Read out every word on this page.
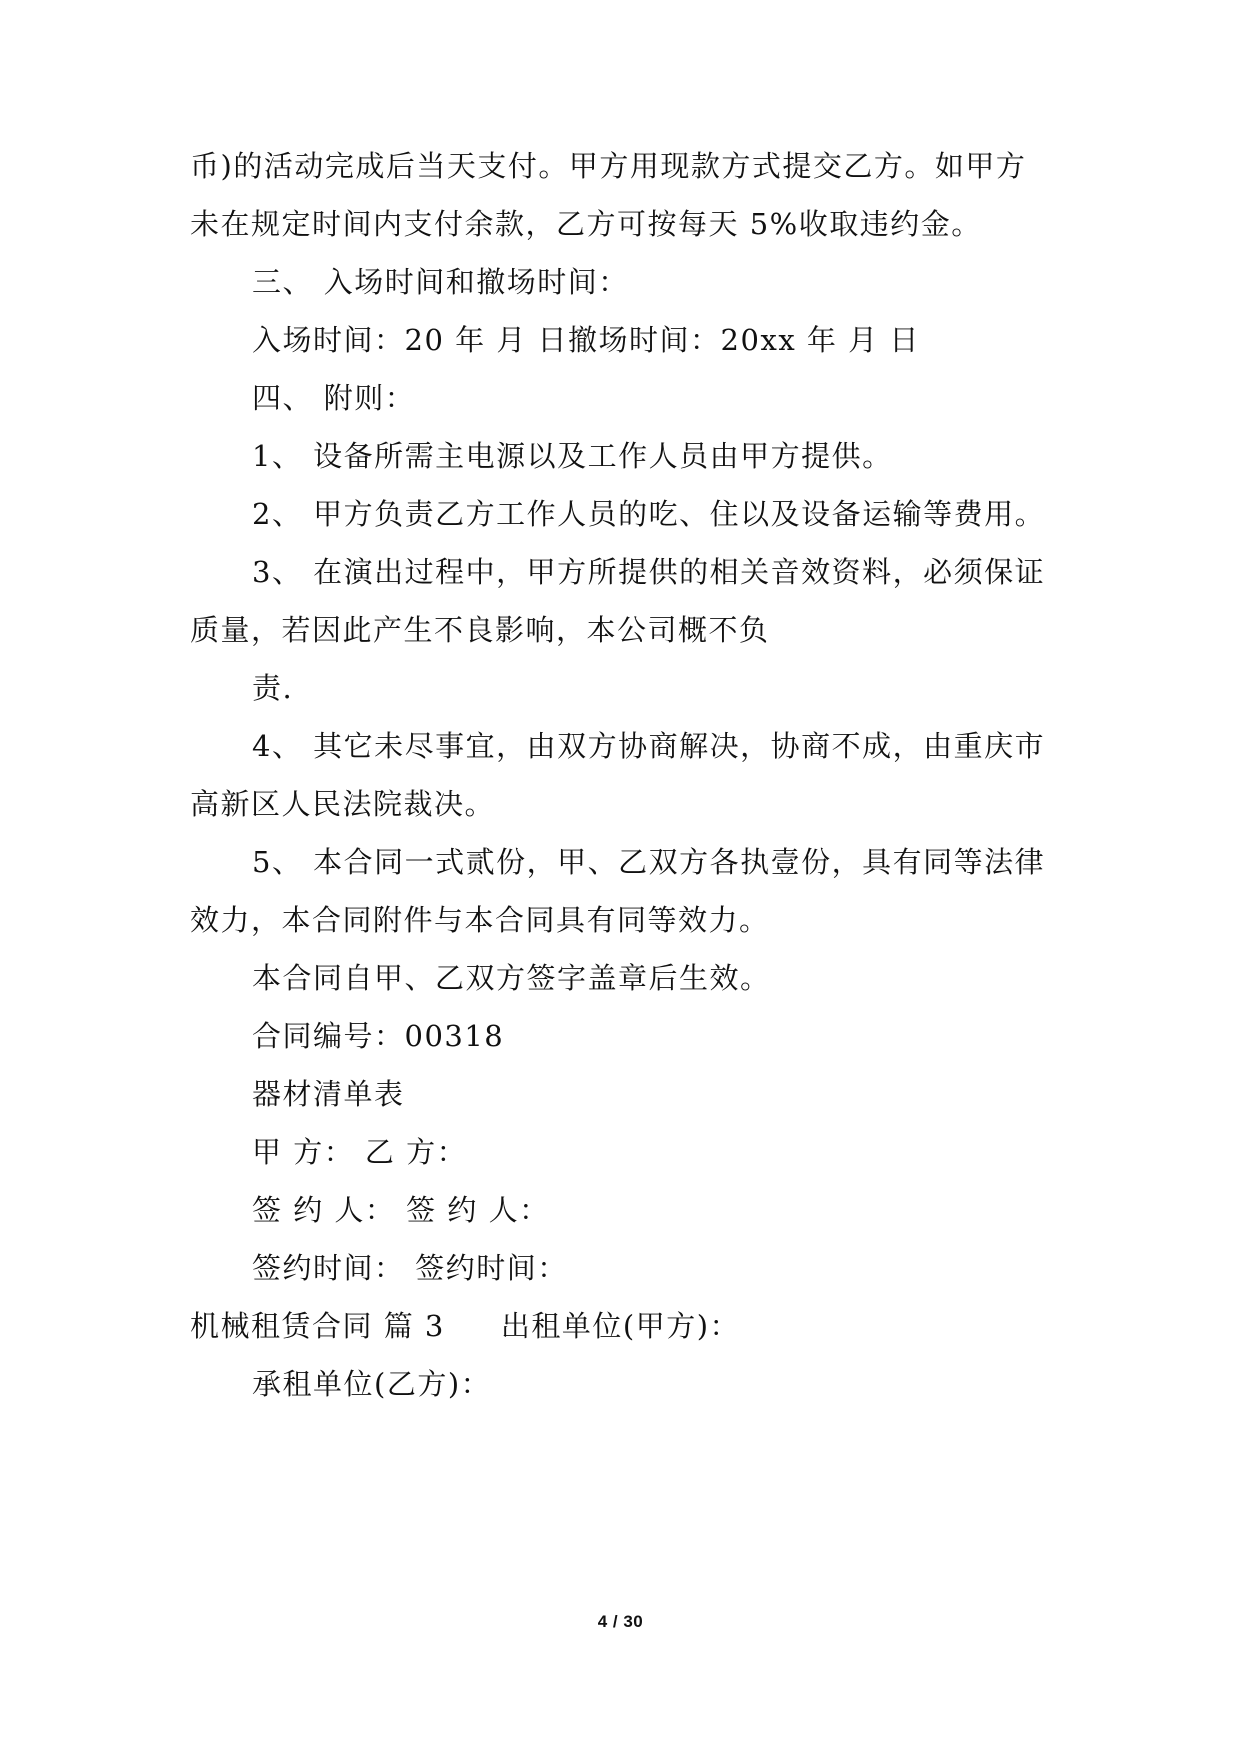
币)的活动完成后当天支付。甲方用现款方式提交乙方。如甲方
未在规定时间内支付余款，乙方可按每天 5%收取违约金。
三、 入场时间和撤场时间：
入场时间：20 年 月 日撤场时间：20xx 年 月 日
四、 附则：
1、 设备所需主电源以及工作人员由甲方提供。
2、 甲方负责乙方工作人员的吃、住以及设备运输等费用。
3、 在演出过程中，甲方所提供的相关音效资料，必须保证
质量，若因此产生不良影响，本公司概不负
责.
4、 其它未尽事宜，由双方协商解决，协商不成，由重庆市
高新区人民法院裁决。
5、 本合同一式贰份，甲、乙双方各执壹份，具有同等法律
效力，本合同附件与本合同具有同等效力。
本合同自甲、乙双方签字盖章后生效。
合同编号：00318
器材清单表
甲 方： 乙 方：
签 约 人： 签 约 人：
签约时间： 签约时间：
机械租赁合同 篇 3 出租单位(甲方)：
承租单位(乙方)：
4 / 30
